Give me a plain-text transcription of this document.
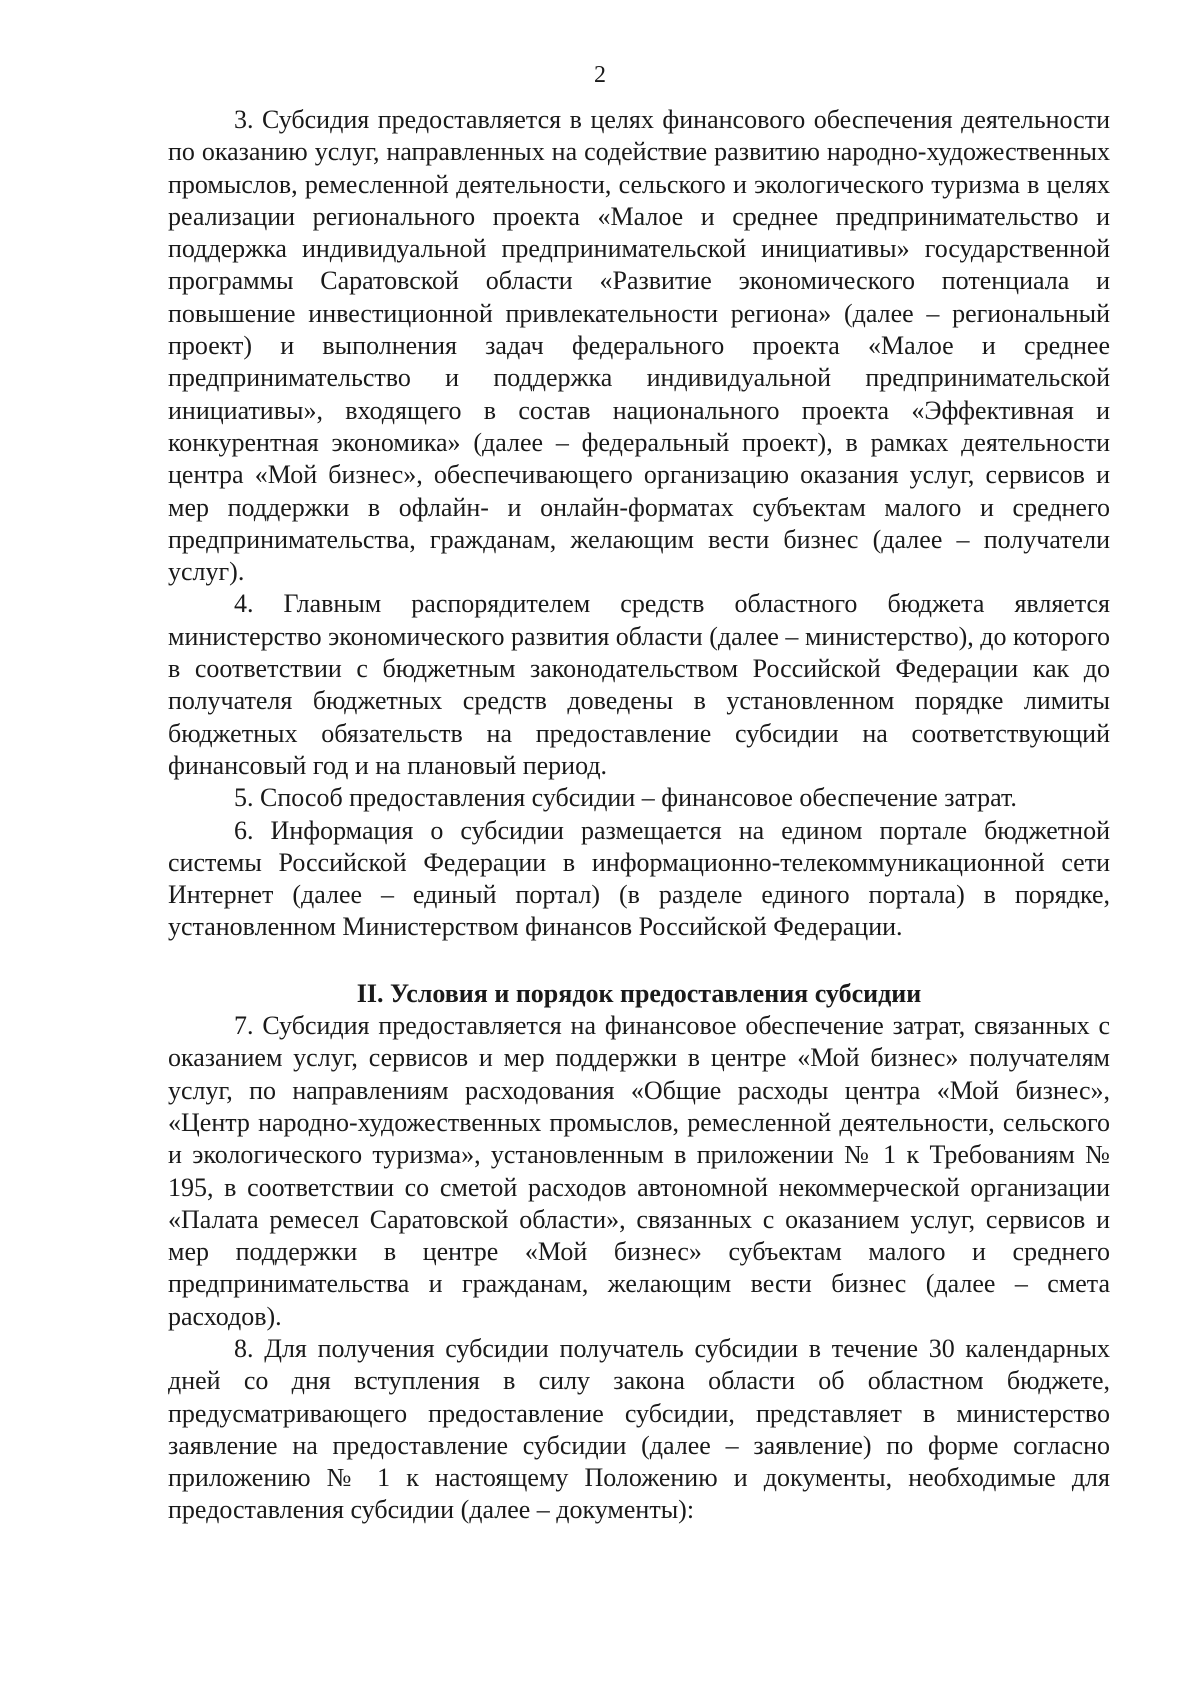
2

3. Субсидия предоставляется в целях финансового обеспечения деятельности по оказанию услуг, направленных на содействие развитию народно-художественных промыслов, ремесленной деятельности, сельского и экологического туризма в целях реализации регионального проекта «Малое и среднее предпринимательство и поддержка индивидуальной предпринимательской инициативы» государственной программы Саратовской области «Развитие экономического потенциала и повышение инвестиционной привлекательности региона» (далее – региональный проект) и выполнения задач федерального проекта «Малое и среднее предпринимательство и поддержка индивидуальной предпринимательской инициативы», входящего в состав национального проекта «Эффективная и конкурентная экономика» (далее – федеральный проект), в рамках деятельности центра «Мой бизнес», обеспечивающего организацию оказания услуг, сервисов и мер поддержки в офлайн- и онлайн-форматах субъектам малого и среднего предпринимательства, гражданам, желающим вести бизнес (далее – получатели услуг).

4. Главным распорядителем средств областного бюджета является министерство экономического развития области (далее – министерство), до которого в соответствии с бюджетным законодательством Российской Федерации как до получателя бюджетных средств доведены в установленном порядке лимиты бюджетных обязательств на предоставление субсидии на соответствующий финансовый год и на плановый период.

5. Способ предоставления субсидии – финансовое обеспечение затрат.

6. Информация о субсидии размещается на едином портале бюджетной системы Российской Федерации в информационно-телекоммуникационной сети Интернет (далее – единый портал) (в разделе единого портала) в порядке, установленном Министерством финансов Российской Федерации.

II. Условия и порядок предоставления субсидии

7. Субсидия предоставляется на финансовое обеспечение затрат, связанных с оказанием услуг, сервисов и мер поддержки в центре «Мой бизнес» получателям услуг, по направлениям расходования «Общие расходы центра «Мой бизнес», «Центр народно-художественных промыслов, ремесленной деятельности, сельского и экологического туризма», установленным в приложении № 1 к Требованиям № 195, в соответствии со сметой расходов автономной некоммерческой организации «Палата ремесел Саратовской области», связанных с оказанием услуг, сервисов и мер поддержки в центре «Мой бизнес» субъектам малого и среднего предпринимательства и гражданам, желающим вести бизнес (далее – смета расходов).

8. Для получения субсидии получатель субсидии в течение 30 календарных дней со дня вступления в силу закона области об областном бюджете, предусматривающего предоставление субсидии, представляет в министерство заявление на предоставление субсидии (далее – заявление) по форме согласно приложению № 1 к настоящему Положению и документы, необходимые для предоставления субсидии (далее – документы):
